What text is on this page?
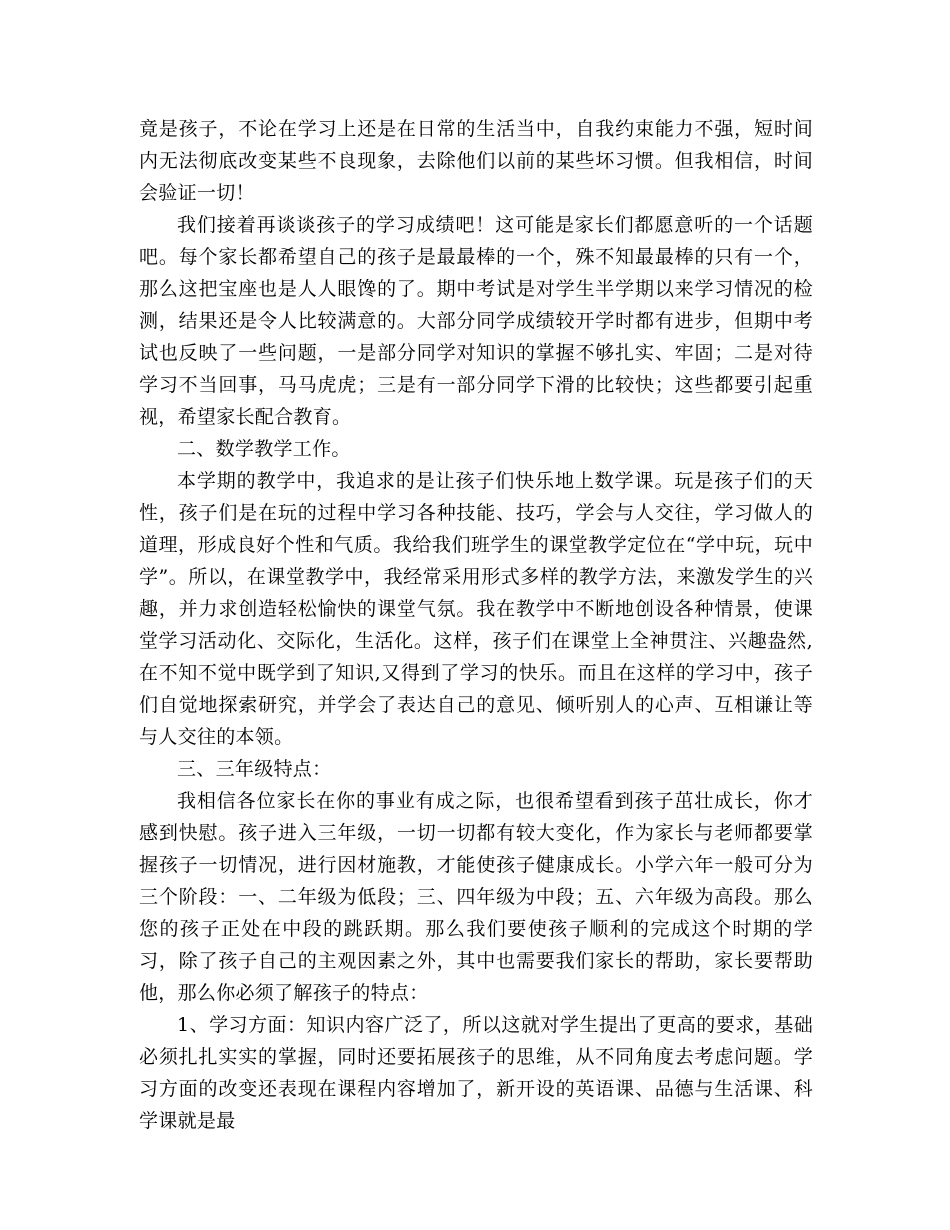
竟是孩子，不论在学习上还是在日常的生活当中，自我约束能力不强，短时间内无法彻底改变某些不良现象，去除他们以前的某些坏习惯。但我相信，时间会验证一切！

我们接着再谈谈孩子的学习成绩吧！这可能是家长们都愿意听的一个话题吧。每个家长都希望自己的孩子是最最棒的一个，殊不知最最棒的只有一个，那么这把宝座也是人人眼馋的了。期中考试是对学生半学期以来学习情况的检测，结果还是令人比较满意的。大部分同学成绩较开学时都有进步，但期中考试也反映了一些问题，一是部分同学对知识的掌握不够扎实、牢固；二是对待学习不当回事，马马虎虎；三是有一部分同学下滑的比较快；这些都要引起重视，希望家长配合教育。

二、数学教学工作。

本学期的教学中，我追求的是让孩子们快乐地上数学课。玩是孩子们的天性，孩子们是在玩的过程中学习各种技能、技巧，学会与人交往，学习做人的道理，形成良好个性和气质。我给我们班学生的课堂教学定位在“学中玩，玩中学”。所以，在课堂教学中，我经常采用形式多样的教学方法，来激发学生的兴趣，并力求创造轻松愉快的课堂气氛。我在教学中不断地创设各种情景，使课堂学习活动化、交际化，生活化。这样，孩子们在课堂上全神贯注、兴趣盎然,在不知不觉中既学到了知识,又得到了学习的快乐。而且在这样的学习中，孩子们自觉地探索研究，并学会了表达自己的意见、倾听别人的心声、互相谦让等与人交往的本领。

三、三年级特点：

我相信各位家长在你的事业有成之际，也很希望看到孩子茁壮成长，你才感到快慰。孩子进入三年级，一切一切都有较大变化，作为家长与老师都要掌握孩子一切情况，进行因材施教，才能使孩子健康成长。小学六年一般可分为三个阶段：一、二年级为低段；三、四年级为中段；五、六年级为高段。那么您的孩子正处在中段的跳跃期。那么我们要使孩子顺利的完成这个时期的学习，除了孩子自己的主观因素之外，其中也需要我们家长的帮助，家长要帮助他，那么你必须了解孩子的特点：

1、学习方面：知识内容广泛了，所以这就对学生提出了更高的要求，基础必须扎扎实实的掌握，同时还要拓展孩子的思维，从不同角度去考虑问题。学习方面的改变还表现在课程内容增加了，新开设的英语课、品德与生活课、科学课就是最
